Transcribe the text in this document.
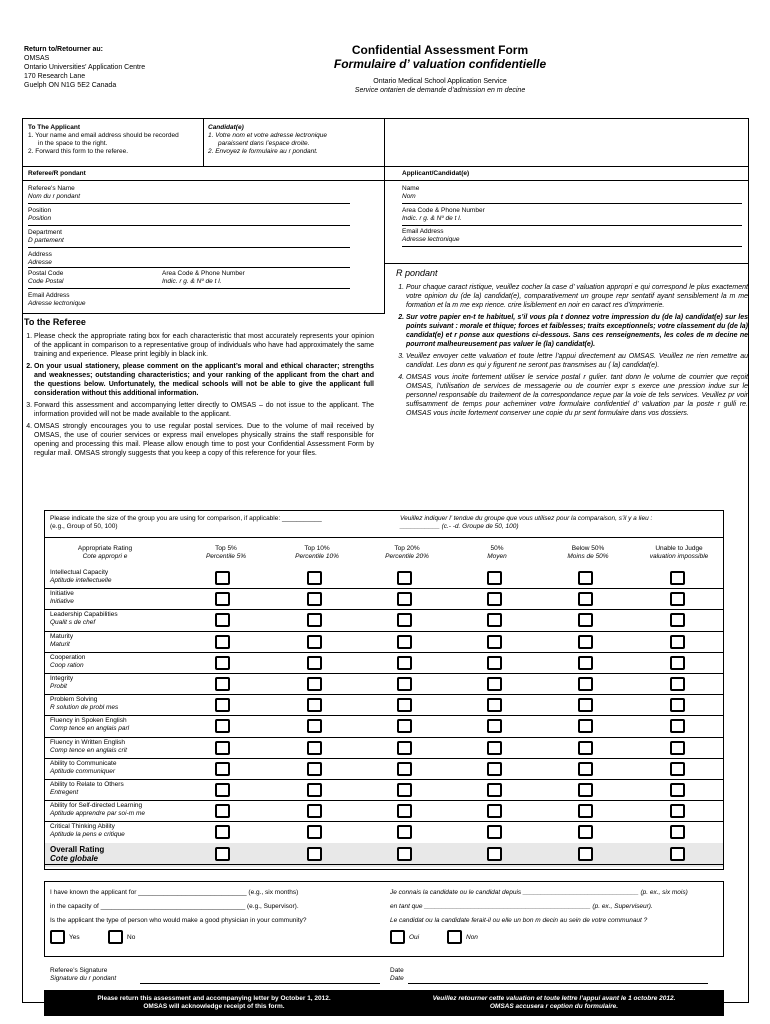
Return to/Retourner au:
OMSAS
Ontario Universities' Application Centre
170 Research Lane
Guelph ON N1G 5E2 Canada
Confidential Assessment Form
Formulaire d’ valuation confidentielle
Ontario Medical School Application Service
Service ontarien de demande d’admission en m decine
To The Applicant
1. Your name and email address should be recorded
in the space to the right.
2. Forward this form to the referee.
Candidat(e)
1. Votre nom et votre adresse lectronique
paraissent dans l’espace droite.
2. Envoyez le formulaire au r pondant.
Referee/R pondant
Referee's Name
Nom du r pondant
Position
Position
Department
D partement
Address
Adresse
Postal Code
Code Postal
Area Code & Phone Number
Indic. r g. & Nº de t l.
Email Address
Adresse lectronique
Applicant/Candidat(e)
Name
Nom
Area Code & Phone Number
Indic. r g. & Nº de t l.
Email Address
Adresse lectronique
To the Referee
1. Please check the appropriate rating box for each characteristic that most accurately represents your opinion of the applicant in comparison to a representative group of individuals who have had approximately the same training and experience. Please print legibly in black ink.
2. On your usual stationery, please comment on the applicant’s moral and ethical character; strengths and weaknesses; outstanding characteristics; and your ranking of the applicant from the chart and the questions below. Unfortunately, the medical schools will not be able to give the applicant full consideration without this additional information.
3. Forward this assessment and accompanying letter directly to OMSAS – do not issue to the applicant. The information provided will not be made available to the applicant.
4. OMSAS strongly encourages you to use regular postal services. Due to the volume of mail received by OMSAS, the use of courier services or express mail envelopes physically strains the staff responsible for opening and processing this mail. Please allow enough time to post your Confidential Assessment Form by regular mail. OMSAS strongly suggests that you keep a copy of this reference for your files.
R pondant
1. Pour chaque caract ristique, veuillez cocher la case d’ valuation appropri e qui correspond le plus exactement votre opinion du (de la) candidat(e), comparativement un groupe repr sentatif ayant sensiblement la m me formation et la m me exp rience. crire lisiblement en noir en caract res d’imprimerie.
2. Sur votre papier en-t te habituel, s’il vous pla t donnez votre impression du (de la) candidat(e) sur les points suivant : morale et thique; forces et faiblesses; traits exceptionnels; votre classement du (de la) candidat(e) et r ponse aux questions ci-dessous. Sans ces renseignements, les coles de m decine ne pourront malheureusement pas valuer le (la) candidat(e).
3. Veuillez envoyer cette valuation et toute lettre l’appui directement au OMSAS. Veuillez ne rien remettre au candidat. Les donn es qui y figurent ne seront pas transmises au ( la) candidat(e).
4. OMSAS vous incite fortement utiliser le service postal r gulier. tant donn le volume de courrier que reçoit OMSAS, l’utilisation de services de messagerie ou de courrier expr s exerce une pression indue sur le personnel responsable du traitement de la correspondance reçue par la voie de tels services. Veuillez pr voir suffisamment de temps pour acheminer votre formulaire confidentiel d’ valuation par la poste r gulli re. OMSAS vous incite fortement conserver une copie du pr sent formulaire dans vos dossiers.
Please indicate the size of the group you are using for comparison, if applicable: ___________
(e.g., Group of 50, 100)
Veuillez indiquer l’ tendue du groupe que vous utilisez pour la comparaison, s’il y a lieu :
___________ (c.- -d. Groupe de 50, 100)
Appropriate Rating
Cote appropri e
Top 5%
Percentile 5%
Top 10%
Percentile 10%
Top 20%
Percentile 20%
50%
Moyen
Below 50%
Moins de 50%
Unable to Judge
valuation impossible
Intellectual Capacity
Aptitude intellectuelle
Initiative
Initiative
Leadership Capabilities
Qualit s de chef
Maturity
Maturit
Cooperation
Coop ration
Integrity
Probit
Problem Solving
R solution de probl mes
Fluency in Spoken English
Comp tence en anglais parl
Fluency in Written English
Comp tence en anglais crit
Ability to Communicate
Aptitude communiquer
Ability to Relate to Others
Entregent
Ability for Self-directed Learning
Aptitude apprendre par soi-m me
Critical Thinking Ability
Aptitude la pens e critique
Overall Rating
Cote globale
I have known the applicant for ______________________________ (e.g., six months)
in the capacity of ________________________________________ (e.g., Supervisor).
Is the applicant the type of person who would make a good physician in your community?
Yes	No
Je connais la candidate ou le candidat depuis ________________________________ (p. ex., six mois)
en tant que ______________________________________________ (p. ex., Superviseur).
Le candidat ou la candidate ferait-il ou elle un bon m decin au sein de votre communaut ?
Oui	Non
Referee’s Signature
Signature du r pondant
Date
Date
Please return this assessment and accompanying letter by October 1, 2012.
OMSAS will acknowledge receipt of this form.
Veuillez retourner cette valuation et toute lettre l’appui avant le 1 octobre 2012.
OMSAS accusera r ception du formulaire.
